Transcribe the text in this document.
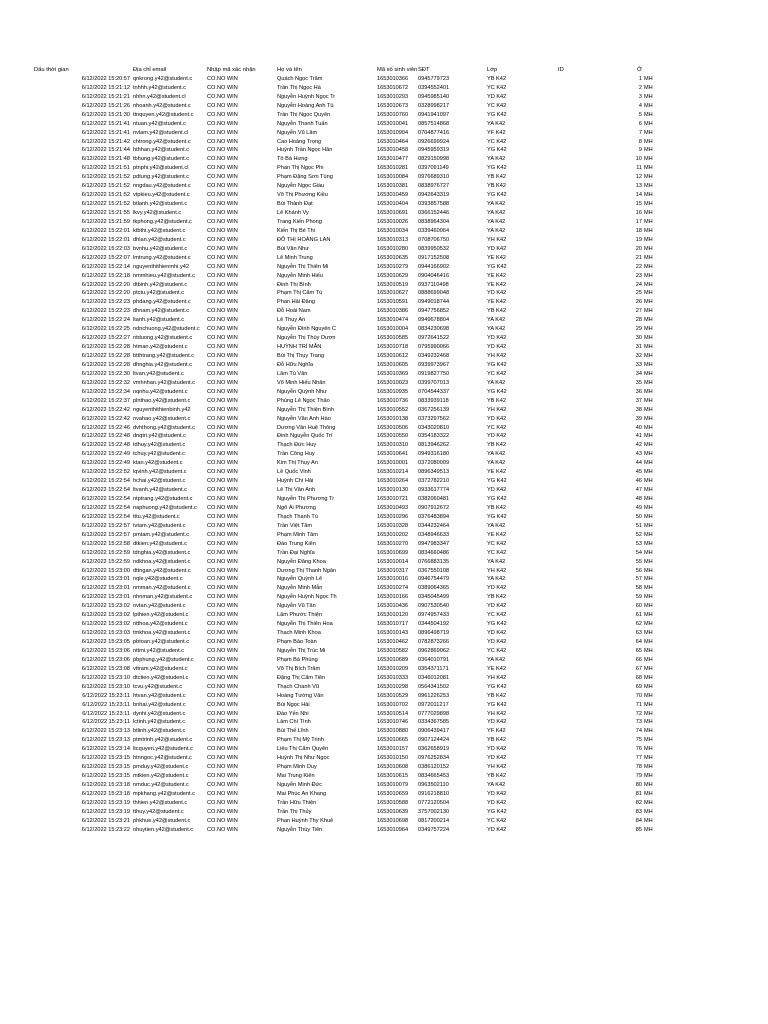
Dấu thời gian	Địa chỉ email	Nhập mã xác nhận	Họ và tên	Mã số sinh viên SĐT	Lớp	ID	Ở
6/12/2022 15:20:57 qnkrong.y42@student.c	CO.NO WIN	Quách Ngọc Trâm	1653010366	0945779723	YB K42	1 MH
6/12/2022 15:21:12 tnhhh.y42@student.c	CO.NO WIN	Trần Thị Ngọc Hà	1653010672	0394552401	YC K42	2 MH
6/12/2022 15:21:21 nhhn.y42@student.cl	CO.NO WIN	Nguyễn Huỳnh Ngọc Tr	1653010293	0945985140	YD K42	3 MH
6/12/2022 15:21:26 nhoanh.y42@student.c	CO.NO WIN	Nguyễn Hoàng Anh Tú	1653010673	0328998217	YC K42	4 MH
6/12/2022 15:21:30 ttnquyen.y42@student.c	CO.NO WIN	Trần Thị Ngọc Quyên	1653010760	0941941097	YG K42	5 MH
6/12/2022 15:21:41 ntuan.y42@student.c	CO.NO WIN	Nguyễn Thanh Tuấn	1653010041	0857514868	YA K42	6 MH
6/12/2022 15:21:41 nvlam.y42@student.cl	CO.NO WIN	Nguyễn Vũ Lâm	1653010904	0704877416	YF K42	7 MH
6/12/2022 15:21:42 chtrong.y42@student.c	CO.NO WIN	Cao Hoàng Trọng	1653010464	0926699924	YC K42	8 MH
6/12/2022 15:21:44 hthhan.y42@student.c	CO.NO WIN	Huỳnh Trần Ngọc Hân	1653010458	0945959319	YG K42	9 MH
6/12/2022 15:21:48 tbhung.y42@student.c	CO.NO WIN	Tô Bá Hưng	1653010477	0829150998	YA K42	10 MH
6/12/2022 15:21:51 ptnphi.y42@student.cl	CO.NO WIN	Phan Thị Ngọc Phi	1653010281	0397091149	YG K42	11 MH
6/12/2022 15:21:52 pdtung.y42@student.c	CO.NO WIN	Phạm Đặng Sơn Tùng	1653010084	0976689310	YB K42	12 MH
6/12/2022 15:21:52 nngdau.y42@student.c	CO.NO WIN	Nguyễn Ngọc Giàu	1653010381	0838976727	YB K42	13 MH
6/12/2022 15:21:52 vtpkieu.y42@student.c	CO.NO WIN	Võ Thị Phương Kiều	1653010459	0942643319	YG K42	14 MH
6/12/2022 15:21:52 btlanh.y42@student.c	CO.NO WIN	Bùi Thành Đạt	1653010404	0393857588	YA K42	15 MH
6/12/2022 15:21:55 lkvy.y42@student.c	CO.NO WIN	Lê Khánh Vy	1653010691	0366152446	YA K42	16 MH
6/12/2022 15:21:59 tkphong.y42@student.c	CO.NO WIN	Trang Kiến Phong	1653010026	0838964304	YA K42	17 MH
6/12/2022 15:22:01 ktbthi.y42@student.c	CO.NO WIN	Kiến Thị Bé Thi	1653010034	0339460064	YA K42	18 MH
6/12/2022 15:22:01 dhlan.y42@student.c	CO.NO WIN	ĐỖ THỊ HOÀNG LAN	1653010313	0708706750	YH K42	19 MH
6/12/2022 15:22:03 bvnhu.y42@student.c	CO.NO WIN	Bùi Văn Như	1653010280	0839950532	YD K42	20 MH
6/12/2022 15:22:07 lmtrung.y42@student.c	CO.NO WIN	Lê Minh Trung	1653010635	0917152508	YE K42	21 MH
6/12/2022 15:22:14 nguyenthithienmhi.y42	CO.NO WIN	Nguyễn Thị Thiên Mi	1653010279	0944166902	YG K42	22 MH
6/12/2022 15:22:18 nmmhieu.y42@student.c	CO.NO WIN	Nguyễn Minh Hiếu	1653010629	0904046416	YE K42	23 MH
6/12/2022 15:22:20 dtbinh.y42@student.c	CO.NO WIN	Đinh Thị Bình	1653010519	0937110498	YE K42	24 MH
6/12/2022 15:22:20 ptctu.y42@student.c	CO.NO WIN	Phạm Thị Cẩm Tú	1653010627	0888699048	YD K42	25 MH
6/12/2022 15:22:23 phdang.y42@student.c	CO.NO WIN	Phan Hải Đăng	1653010591	0949018744	YE K42	26 MH
6/12/2022 15:22:23 dhnam.y42@student.c	CO.NO WIN	Đỗ Hoài Nam	1653010386	0947756852	YB K42	27 MH
6/12/2022 15:22:24 ltanh.y42@student.c	CO.NO WIN	Lê Thụy An	1653010474	0949678804	YA K42	28 MH
6/12/2022 15:22:25 ndnchuong.y42@student.c CO.NO WIN	Nguyễn Đình Nguyên C	1653010004	0834230698	YA K42	29 MH
6/12/2022 15:22:27 ntduong.y42@student.c	CO.NO WIN	Nguyễn Thị Thùy Dươn	1653010585	0972641522	YD K42	30 MH
6/12/2022 15:22:28 htman.y42@student.c	CO.NO WIN	HUỲNH TRÍ MẪN	1653010718	0795990066	YD K42	31 MH
6/12/2022 15:22:28 btthtrang.y42@student.c	CO.NO WIN	Bùi Thị Thụy Trang	1653010612	0349232468	YH K42	32 MH
6/12/2022 15:22:28 dhnghia.y42@student.c	CO.NO WIN	Đỗ Hữu Nghĩa	1653010605	0939973967	YG K42	33 MH
6/12/2022 15:22:30 ltvan.y42@student.c	CO.NO WIN	Lâm Tú Văn	1653010369	0919827750	YC K42	34 MH
6/12/2022 15:22:32 vmhnhan.y42@student.c	CO.NO WIN	Võ Minh Hiếu Nhân	1653010023	0399707013	YA K42	35 MH
6/12/2022 15:22:34 nqnhu.y42@student.c	CO.NO WIN	Nguyễn Quỳnh Như	1653010935	0704544337	YG K42	36 MH
6/12/2022 15:22:37 plnthao.y42@student.c	CO.NO WIN	Phùng Lê Ngọc Thảo	1653010736	0833939118	YB K42	37 MH
6/12/2022 15:22:42 nguyenthithienbinh.y42	CO.NO WIN	Nguyễn Thị Thiện Bình	1653010552	0367256139	YH K42	38 MH
6/12/2022 15:22:42 nvahao.y42@student.c	CO.NO WIN	Nguyễn Văn Anh Hào	1653010138	0373297562	YD K42	39 MH
6/12/2022 15:22:46 dvhthong.y42@student.c	CO.NO WIN	Dương Văn Huệ Thông	1653010506	0343020810	YC K42	40 MH
6/12/2022 15:22:48 dnqtri.y42@student.c	CO.NO WIN	Đinh Nguyễn Quốc Trí	1653010550	0354183322	YD K42	41 MH
6/12/2022 15:22:48 tdhuy.y42@student.c	CO.NO WIN	Thạch Đức Huy	1653010310	0813946262	YB K42	42 MH
6/12/2022 15:22:49 tchuy.y42@student.c	CO.NO WIN	Trần Công Huy	1653010641	0949316180	YA K42	43 MH
6/12/2022 15:22:49 ktan.y42@student.c	CO.NO WIN	Kim Thị Thụy An	1653010001	0372080009	YA K42	44 MH
6/12/2022 15:22:52 lqvinh.y42@student.c	CO.NO WIN	Lê Quốc Vinh	1653010214	0896349513	YE K42	45 MH
6/12/2022 15:22:54 hchai.y42@student.c	CO.NO WIN	Huỳnh Chí Hải	1653010264	0372782210	YG K42	46 MH
6/12/2022 15:22:54 ltvanh.y42@student.c	CO.NO WIN	Lê Thị Vân Anh	1653010130	0933617774	YD K42	47 MH
6/12/2022 15:22:54 ntptrang.y42@student.c	CO.NO WIN	Nguyễn Thị Phương Tr	1653010721	0382060481	YG K42	48 MH
6/12/2022 15:22:54 naphuong.y42@student.c	CO.NO WIN	Ngô Ái Phương	1653010493	0907912672	YB K42	49 MH
6/12/2022 15:22:54 tttu.y42@student.c	CO.NO WIN	Thạch Thanh Tú	1653010296	0376483894	YG K42	50 MH
6/12/2022 15:22:57 tvtam.y42@student.c	CO.NO WIN	Trần Việt Tâm	1653010328	0344232464	YA K42	51 MH
6/12/2022 15:22:57 pmtam.y42@student.c	CO.NO WIN	Phạm Minh Tâm	1653010202	0348946633	YE K42	52 MH
6/12/2022 15:22:58 dtkien.y42@student.c	CO.NO WIN	Đào Trung Kiên	1653010270	0947983347	YC K42	53 MH
6/12/2022 15:22:59 tdnghia.y42@student.c	CO.NO WIN	Trần Đại Nghĩa	1653010699	0834660486	YC K42	54 MH
6/12/2022 15:22:59 ndkhoa.y42@student.c	CO.NO WIN	Nguyễn Đăng Khoa	1653010014	0766883135	YA K42	55 MH
6/12/2022 15:23:00 dttngan.y42@student.c	CO.NO WIN	Dương Thị Thanh Ngân	1653010317	0367550108	YH K42	56 MH
6/12/2022 15:23:01 nqle.y42@student.c	CO.NO WIN	Nguyễn Quỳnh Lê	1653010016	0946754479	YA K42	57 MH
6/12/2022 15:23:01 nmman.y42@student.c	CO.NO WIN	Nguyễn Minh Mẫn	1653010274	0389064365	YD K42	58 MH
6/12/2022 15:23:01 nhnman.y42@student.c	CO.NO WIN	Nguyễn Huỳnh Ngọc Th	1653010166	0345045499	YB K42	59 MH
6/12/2022 15:23:02 nvtan.y42@student.c	CO.NO WIN	Nguyễn Vũ Tân	1653010436	0907530540	YD K42	60 MH
6/12/2022 15:23:02 lpthien.y42@student.c	CO.NO WIN	Lâm Phước Thiện	1653010120	0974957433	YC K42	61 MH
6/12/2022 15:23:02 ntthoa.y42@student.c	CO.NO WIN	Nguyễn Thị Thiên Hoa	1653010717	0344504192	YG K42	62 MH
6/12/2022 15:23:03 tmkhoa.y42@student.c	CO.NO WIN	Thạch Minh Khoa	1653010143	0896498719	YD K42	63 MH
6/12/2022 15:23:05 pbtoan.y42@student.c	CO.NO WIN	Phạm Bảo Toàn	1653010462	0782873266	YD K42	64 MH
6/12/2022 15:23:06 nttmi.y42@student.c	CO.NO WIN	Nguyễn Thị Trúc Mi	1653010582	0962869062	YC K42	65 MH
6/12/2022 15:23:06 pbphung.y42@student.c	CO.NO WIN	Phạm Bá Phùng	1653010689	0364010791	YA K42	66 MH
6/12/2022 15:23:08 vttram.y42@student.c	CO.NO WIN	Võ Thị Bích Trâm	1653010209	0354371171	YE K42	67 MH
6/12/2022 15:23:10 dtctien.y42@student.c	CO.NO WIN	Đặng Thị Cẩm Tiên	1653010333	0346012081	YH K42	68 MH
6/12/2022 15:23:10 tcvu.y42@student.c	CO.NO WIN	Thạch Chanh Vũ	1653010298	0564341502	YG K42	69 MH
6/12/2022 15:23:11 htvan.y42@student.c	CO.NO WIN	Hoàng Tường Vân	1653010529	0961226253	YB K42	70 MH
6/12/2022 15:23:11 bnhai.y42@student.c	CO.NO WIN	Bùi Ngọc Hải	1653010702	0972011217	YG K42	71 MH
6/12/2022 15:23:11 dynhi.y42@student.c	CO.NO WIN	Đào Yến Nhi	1653010514	0777029898	YH K42	72 MH
6/12/2022 15:23:11 lctinh.y42@student.c	CO.NO WIN	Lâm Chí Tình	1653010746	0334367585	YD K42	73 MH
6/12/2022 15:23:13 btlinh.y42@student.c	CO.NO WIN	Bùi Thế Lĩnh	1653010880	0906439417	YF K42	74 MH
6/12/2022 15:23:13 ptmtrinh.y42@student.c	CO.NO WIN	Phạm Thị Mỹ Trinh	1653010665	0907124424	YB K42	75 MH
6/12/2022 15:23:14 ltcquyen.y42@student.c	CO.NO WIN	Liêu Thị Cẩm Quyên	1653010157	0362658919	YD K42	76 MH
6/12/2022 15:23:15 htnngoc.y42@student.c	CO.NO WIN	Huỳnh Thị Như Ngọc	1653010150	0976252834	YD K42	77 MH
6/12/2022 15:23:15 pmduy.y42@student.c	CO.NO WIN	Phạm Minh Duy	1653010608	0386120152	YH K42	78 MH
6/12/2022 15:23:15 mtkien.y42@student.c	CO.NO WIN	Mai Trung Kiên	1653010615	0834665453	YB K42	79 MH
6/12/2022 15:23:18 nmduc.y42@student.c	CO.NO WIN	Nguyễn Minh Đức	1653010079	0963502110	YA K42	80 MH
6/12/2022 15:23:18 mpkhang.y42@student.c	CO.NO WIN	Mai Phúc An Khang	1653010659	0916218810	YD K42	81 MH
6/12/2022 15:23:19 thhien.y42@student.c	CO.NO WIN	Trần Hữu Thiện	1653010588	0772120504	YD K42	82 MH
6/12/2022 15:23:19 tthuy.y42@student.c	CO.NO WIN	Trần Thị Thủy	1653010639	3757002130	YG K42	83 MH
6/12/2022 15:23:21 phkhue.y42@student.c	CO.NO WIN	Phan Huỳnh Thy Khuê	1653010698	0817200214	YC K42	84 MH
6/12/2022 15:23:22 nhuytien.y42@student.c	CO.NO WIN	Nguyễn Thùy Tiên	1653010964	0349757224	YD K42	85 MH
